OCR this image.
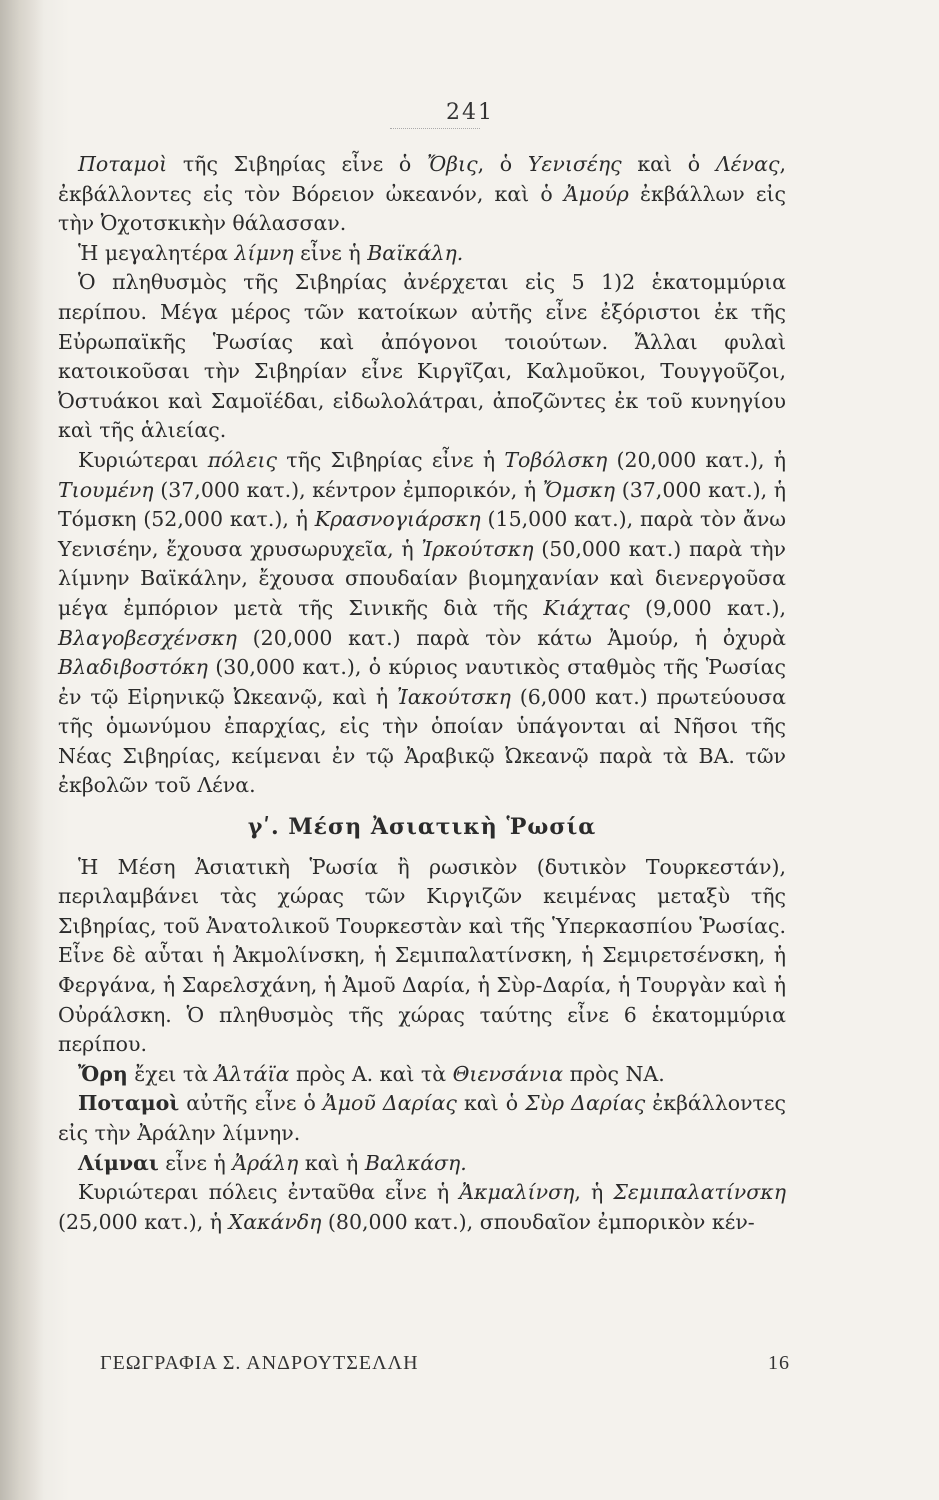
241

Ποταμοὶ τῆς Σιβηρίας εἶνε ὁ Ὄβις, ὁ Υενισέης καὶ ὁ Λένας, ἐκβάλλοντες εἰς τὸν Βόρειον ὠκεανόν, καὶ ὁ Ἀμούρ ἐκβάλλων εἰς τὴν Ὀχοτσκικὴν θάλασσαν.

Ἡ μεγαλητέρα λίμνη εἶνε ἡ Βαϊκάλη.

Ὁ πληθυσμὸς τῆς Σιβηρίας ἀνέρχεται εἰς 5 1)2 ἑκατομμύρια περίπου. Μέγα μέρος τῶν κατοίκων αὐτῆς εἶνε ἐξόριστοι ἐκ τῆς Εὐρωπαϊκῆς Ῥωσίας καὶ ἀπόγονοι τοιούτων. Ἄλλαι φυλαὶ κατοικοῦσαι τὴν Σιβηρίαν εἶνε Κιργῖζαι, Καλμοῦκοι, Τουγγοῦζοι, Ὀστυάκοι καὶ Σαμοϊέδαι, εἰδωλολάτραι, ἀποζῶντες ἐκ τοῦ κυνηγίου καὶ τῆς ἁλιείας.

Κυριώτεραι πόλεις τῆς Σιβηρίας εἶνε ἡ Τοβόλσκη (20,000 κατ.), ἡ Τιουμένη (37,000 κατ.), κέντρον ἐμπορικόν, ἡ Ὄμσκη (37,000 κατ.), ἡ Τόμσκη (52,000 κατ.), ἡ Κρασνογιάρσκη (15,000 κατ.), παρὰ τὸν ἄνω Υενισέην, ἔχουσα χρυσωρυχεῖα, ἡ Ἰρκούτσκη (50,000 κατ.) παρὰ τὴν λίμνην Βαϊκάλην, ἔχουσα σπουδαίαν βιομηχανίαν καὶ διενεργοῦσα μέγα ἐμπόριον μετὰ τῆς Σινικῆς διὰ τῆς Κιάχτας (9,000 κατ.), Βλαγοβεσχένσκη (20,000 κατ.) παρὰ τὸν κάτω Ἀμούρ, ἡ ὀχυρὰ Βλαδιβοστόκη (30,000 κατ.), ὁ κύριος ναυτικὸς σταθμὸς τῆς Ῥωσίας ἐν τῷ Εἰρηνικῷ Ὠκεανῷ, καὶ ἡ Ἰακούτσκη (6,000 κατ.) πρωτεύουσα τῆς ὁμωνύμου ἐπαρχίας, εἰς τὴν ὁποίαν ὑπάγονται αἱ Νῆσοι τῆς Νέας Σιβηρίας, κείμεναι ἐν τῷ Ἀραβικῷ Ὠκεανῷ παρὰ τὰ ΒΑ. τῶν ἐκβολῶν τοῦ Λένα.

γʹ. Μέση Ἀσιατικὴ Ῥωσία

Ἡ Μέση Ἀσιατικὴ Ῥωσία ἢ ρωσικὸν (δυτικὸν Τουρκεστάν), περιλαμβάνει τὰς χώρας τῶν Κιργιζῶν κειμένας μεταξὺ τῆς Σιβηρίας, τοῦ Ἀνατολικοῦ Τουρκεστὰν καὶ τῆς Ὑπερκασπίου Ῥωσίας. Εἶνε δὲ αὗται ἡ Ἀκμολίνσκη, ἡ Σεμιπαλατίνσκη, ἡ Σεμιρετσένσκη, ἡ Φεργάνα, ἡ Σαρελσχάνη, ἡ Ἀμοῦ Δαρία, ἡ Σὺρ-Δαρία, ἡ Τουργὰν καὶ ἡ Οὐράλσκη. Ὁ πληθυσμὸς τῆς χώρας ταύτης εἶνε 6 ἑκατομμύρια περίπου.

Ὄρη ἔχει τὰ Ἀλτάϊα πρὸς Α. καὶ τὰ Θιενσάνια πρὸς ΝΑ.

Ποταμοὶ αὐτῆς εἶνε ὁ Ἀμοῦ Δαρίας καὶ ὁ Σὺρ Δαρίας ἐκβάλλοντες εἰς τὴν Ἀράλην λίμνην.

Λίμναι εἶνε ἡ Ἀράλη καὶ ἡ Βαλκάση.

Κυριώτεραι πόλεις ἐνταῦθα εἶνε ἡ Ἀκμαλίνση, ἡ Σεμιπαλατίνσκη (25,000 κατ.), ἡ Χακάνδη (80,000 κατ.), σπουδαῖον ἐμπορικὸν κέν-

ΓΕΩΓΡΑΦΙΑ Σ. ΑΝΔΡΟΥΤΣΕΛΛΗ	16
